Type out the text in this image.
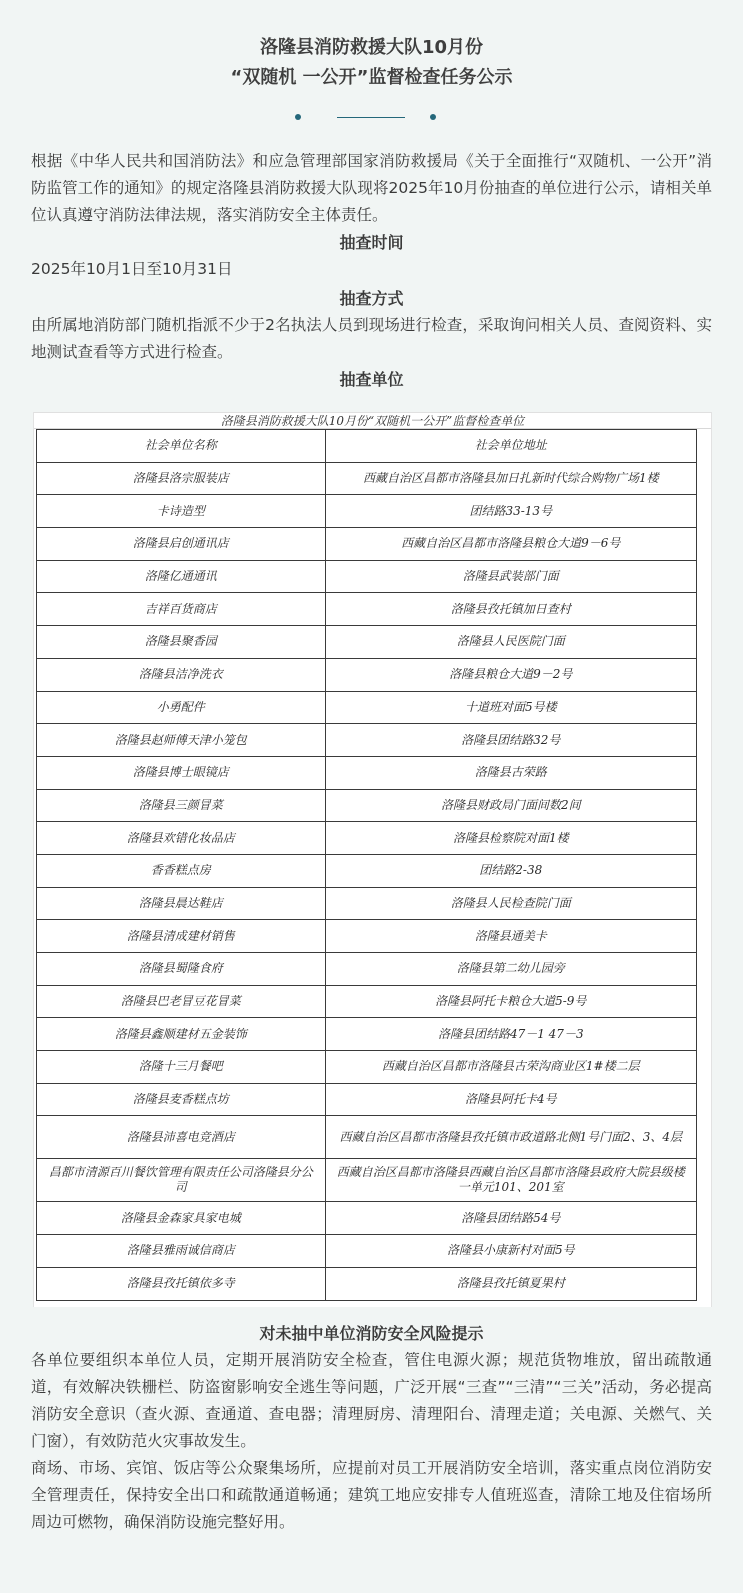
洛隆县消防救援大队10月份
“双随机 一公开”监督检查任务公示

根据《中华人民共和国消防法》和应急管理部国家消防救援局《关于全面推行“双随机、一公开”消防监管工作的通知》的规定洛隆县消防救援大队现将2025年10月份抽查的单位进行公示，请相关单位认真遵守消防法律法规，落实消防安全主体责任。

抽查时间

2025年10月1日至10月31日

抽查方式

由所属地消防部门随机指派不少于2名执法人员到现场进行检查，采取询问相关人员、查阅资料、实地测试查看等方式进行检查。

抽查单位
洛隆县消防救援大队10月份“双随机一公开”监督检查单位
社会单位名称	社会单位地址
洛隆县洛宗服装店	西藏自治区昌都市洛隆县加日扎新时代综合购物广场1楼
卡诗造型	团结路33-13号
洛隆县启创通讯店	西藏自治区昌都市洛隆县粮仓大道9－6号
洛隆亿通通讯	洛隆县武装部门面
吉祥百货商店	洛隆县孜托镇加日查村
洛隆县聚香园	洛隆县人民医院门面
洛隆县洁净洗衣	洛隆县粮仓大道9－2号
小勇配件	十道班对面5号楼
洛隆县赵师傅天津小笼包	洛隆县团结路32号
洛隆县博士眼镜店	洛隆县古荣路
洛隆县三颜冒菜	洛隆县财政局门面间数2间
洛隆县欢错化妆品店	洛隆县检察院对面1楼
香香糕点房	团结路2-38
洛隆县晨达鞋店	洛隆县人民检查院门面
洛隆县清成建材销售	洛隆县通美卡
洛隆县蜀隆食府	洛隆县第二幼儿园旁
洛隆县巴老冒豆花冒菜	洛隆县阿托卡粮仓大道5-9号
洛隆县鑫顺建材五金装饰	洛隆县团结路47－1 47－3
洛隆十三月餐吧	西藏自治区昌都市洛隆县古荣沟商业区1#楼二层
洛隆县麦香糕点坊	洛隆县阿托卡4号
洛隆县沛喜电竞酒店	西藏自治区昌都市洛隆县孜托镇市政道路北侧1号门面2、3、4层
昌都市清源百川餐饮管理有限责任公司洛隆县分公司	西藏自治区昌都市洛隆县西藏自治区昌都市洛隆县政府大院县级楼一单元101、201室
洛隆县金森家具家电城	洛隆县团结路54号
洛隆县雅雨诚信商店	洛隆县小康新村对面5号
洛隆县孜托镇依多寺	洛隆县孜托镇夏果村
对未抽中单位消防安全风险提示

各单位要组织本单位人员，定期开展消防安全检查，管住电源火源；规范货物堆放，留出疏散通道，有效解决铁栅栏、防盗窗影响安全逃生等问题，广泛开展“三查”“三清”“三关”活动，务必提高消防安全意识（查火源、查通道、查电器；清理厨房、清理阳台、清理走道；关电源、关燃气、关门窗），有效防范火灾事故发生。

商场、市场、宾馆、饭店等公众聚集场所，应提前对员工开展消防安全培训，落实重点岗位消防安全管理责任，保持安全出口和疏散通道畅通；建筑工地应安排专人值班巡查，清除工地及住宿场所周边可燃物，确保消防设施完整好用。
